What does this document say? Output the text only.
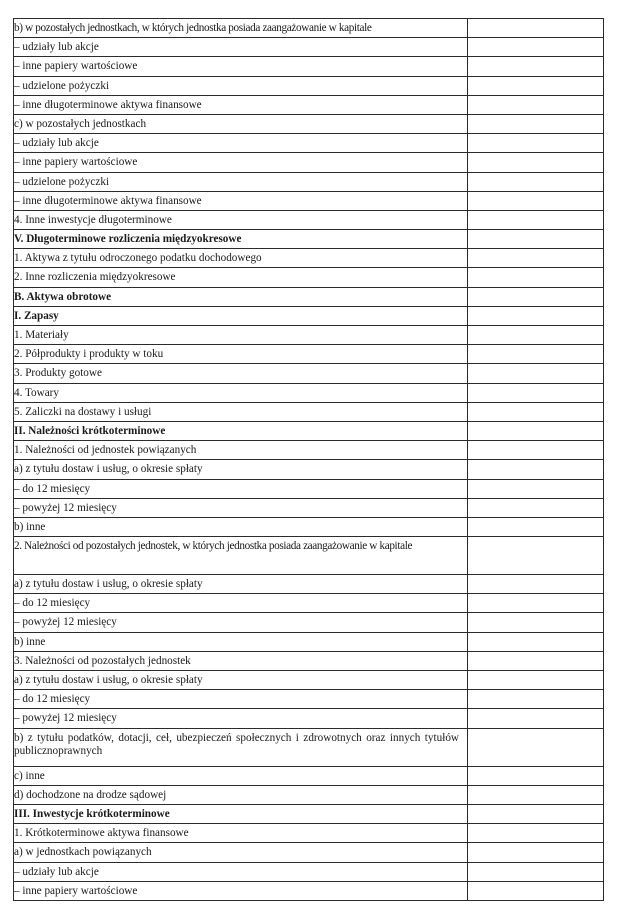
b) w pozostałych jednostkach, w których jednostka posiada zaangażowanie w kapitale	
– udziały lub akcje	
– inne papiery wartościowe	
– udzielone pożyczki	
– inne długoterminowe aktywa finansowe	
c) w pozostałych jednostkach	
– udziały lub akcje	
– inne papiery wartościowe	
– udzielone pożyczki	
– inne długoterminowe aktywa finansowe	
4. Inne inwestycje długoterminowe	
V. Długoterminowe rozliczenia międzyokresowe	
1. Aktywa z tytułu odroczonego podatku dochodowego	
2. Inne rozliczenia międzyokresowe	
B. Aktywa obrotowe	
I. Zapasy	
1. Materiały	
2. Półprodukty i produkty w toku	
3. Produkty gotowe	
4. Towary	
5. Zaliczki na dostawy i usługi	
II. Należności krótkoterminowe	
1. Należności od jednostek powiązanych	
a) z tytułu dostaw i usług, o okresie spłaty	
– do 12 miesięcy	
– powyżej 12 miesięcy	
b) inne	
2. Należności od pozostałych jednostek, w których jednostka posiada zaangażowanie w kapitale	
a) z tytułu dostaw i usług, o okresie spłaty	
– do 12 miesięcy	
– powyżej 12 miesięcy	
b) inne	
3. Należności od pozostałych jednostek	
a) z tytułu dostaw i usług, o okresie spłaty	
– do 12 miesięcy	
– powyżej 12 miesięcy	
b) z tytułu podatków, dotacji, ceł, ubezpieczeń społecznych i zdrowotnych oraz innych tytułów publicznoprawnych	
c) inne	
d) dochodzone na drodze sądowej	
III. Inwestycje krótkoterminowe	
1. Krótkoterminowe aktywa finansowe	
a) w jednostkach powiązanych	
– udziały lub akcje	
– inne papiery wartościowe	
